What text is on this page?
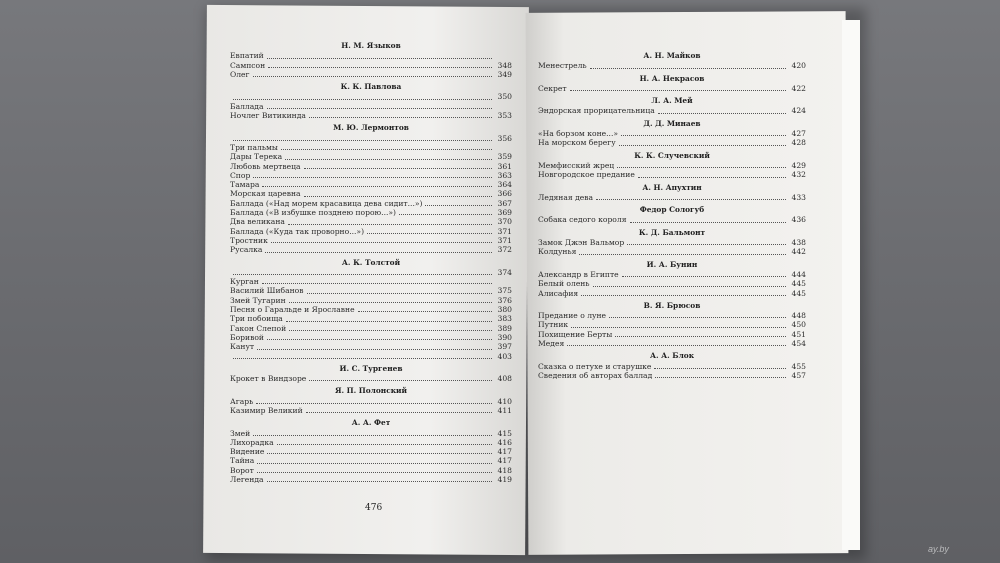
Н. М. Языков
Евпатий
Сампсон	348
Олег	349
К. К. Павлова
350
Баллада
Ночлег Витикинда	353
М. Ю. Лермонтов
356
Три пальмы
Дары Терека	359
Любовь мертвеца	361
Спор	363
Тамара	364
Морская царевна	366
Баллада («Над морем красавица дева сидит...»)	367
Баллада («В избушке позднею порою...»)	369
Два великана	370
Баллада («Куда так проворно...»)	371
Тростник	371
Русалка	372
А. К. Толстой
374
Курган
Василий Шибанов	375
Змей Тугарин	376
Песня о Гаральде и Ярославне	380
Три побоища	383
Гакон Слепой	389
Боривой	390
Канут	397
403
И. С. Тургенев
Крокет в Виндзоре	408
Я. П. Полонский
Агарь	410
Казимир Великий	411
А. А. Фет
Змей	415
Лихорадка	416
Видение	417
Тайна	417
Ворот	418
Легенда	419
А. Н. Майков
Менестрель	420
Н. А. Некрасов
Секрет	422
Л. А. Мей
Эндорская прорицательница	424
Д. Д. Минаев
«На борзом коне...»	427
На морском берегу	428
К. К. Случевский
Мемфисский жрец	429
Новгородское предание	432
А. Н. Апухтин
Ледяная дева	433
Федор Сологуб
Собака седого короля	436
К. Д. Бальмонт
Замок Джэн Вальмор	438
Колдунья	442
И. А. Бунин
Александр в Египте	444
Белый олень	445
Алисафия	445
В. Я. Брюсов
Предание о луне	448
Путник	450
Похищение Берты	451
Медея	454
А. А. Блок
Сказка о петухе и старушке	455
Сведения об авторах баллад	457
476
ay.by
